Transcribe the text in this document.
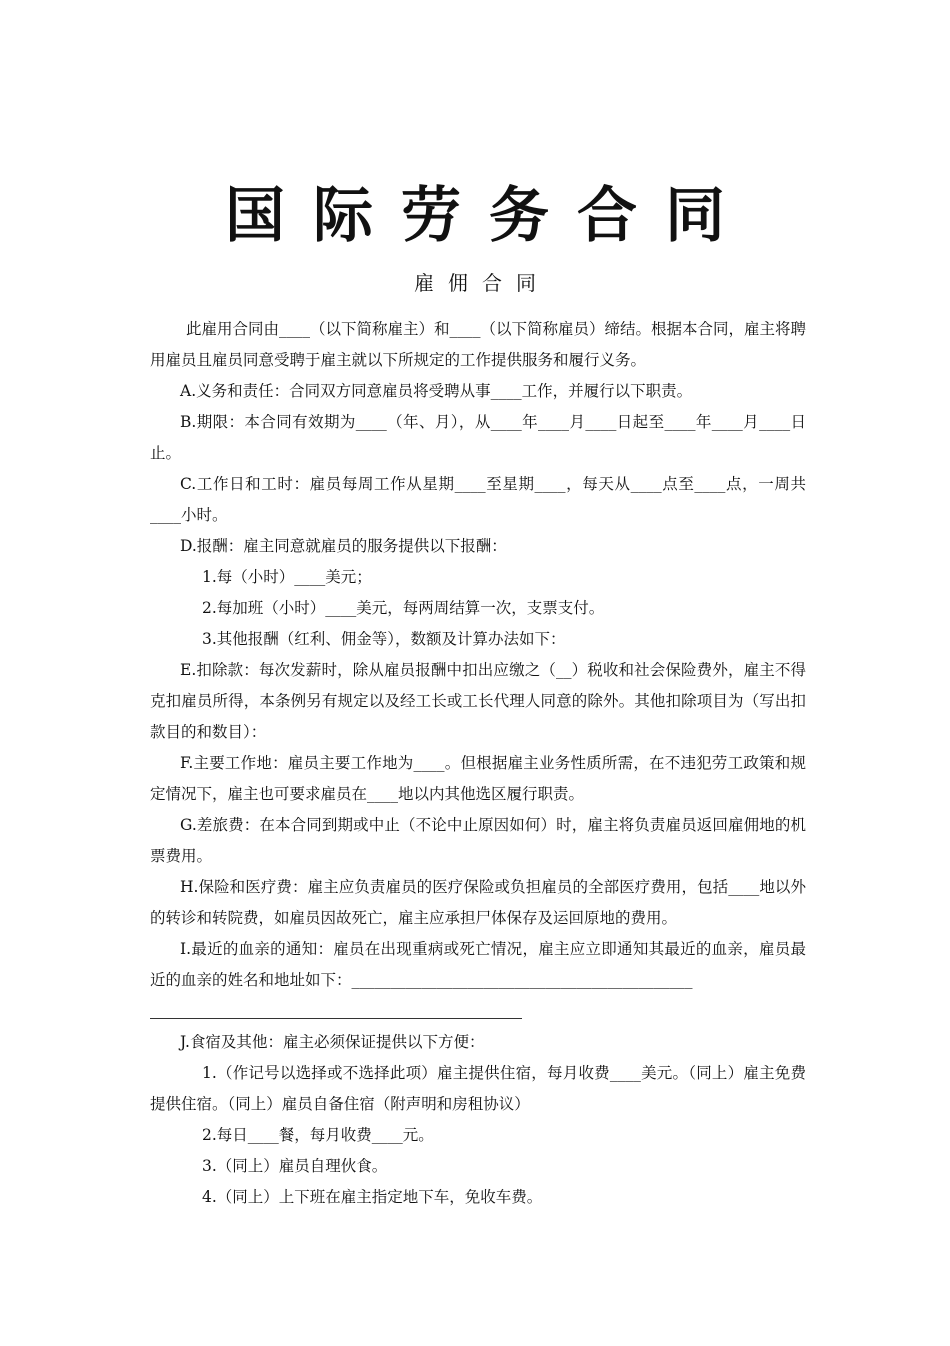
国际劳务合同
雇佣合同

此雇用合同由____（以下简称雇主）和____（以下简称雇员）缔结。根据本合同，雇主将聘用雇员且雇员同意受聘于雇主就以下所规定的工作提供服务和履行义务。

A.义务和责任：合同双方同意雇员将受聘从事____工作，并履行以下职责。

B.期限：本合同有效期为____（年、月），从____年____月____日起至____年____月____日止。

C.工作日和工时：雇员每周工作从星期____至星期____，每天从____点至____点，一周共____小时。

D.报酬：雇主同意就雇员的服务提供以下报酬：

1.每（小时）____美元；

2.每加班（小时）____美元，每两周结算一次，支票支付。

3.其他报酬（红利、佣金等），数额及计算办法如下：

E.扣除款：每次发薪时，除从雇员报酬中扣出应缴之（__）税收和社会保险费外，雇主不得克扣雇员所得，本条例另有规定以及经工长或工长代理人同意的除外。其他扣除项目为（写出扣款目的和数目）：

F.主要工作地：雇员主要工作地为____。但根据雇主业务性质所需，在不违犯劳工政策和规定情况下，雇主也可要求雇员在____地以内其他选区履行职责。

G.差旅费：在本合同到期或中止（不论中止原因如何）时，雇主将负责雇员返回雇佣地的机票费用。

H.保险和医疗费：雇主应负责雇员的医疗保险或负担雇员的全部医疗费用，包括____地以外的转诊和转院费，如雇员因故死亡，雇主应承担尸体保存及运回原地的费用。

I.最近的血亲的通知：雇员在出现重病或死亡情况，雇主应立即通知其最近的血亲，雇员最近的血亲的姓名和地址如下：____________________________________________

J.食宿及其他：雇主必须保证提供以下方便：

1.（作记号以选择或不选择此项）雇主提供住宿，每月收费____美元。（同上）雇主免费提供住宿。（同上）雇员自备住宿（附声明和房租协议）

2.每日____餐，每月收费____元。

3.（同上）雇员自理伙食。

4.（同上）上下班在雇主指定地下车，免收车费。
